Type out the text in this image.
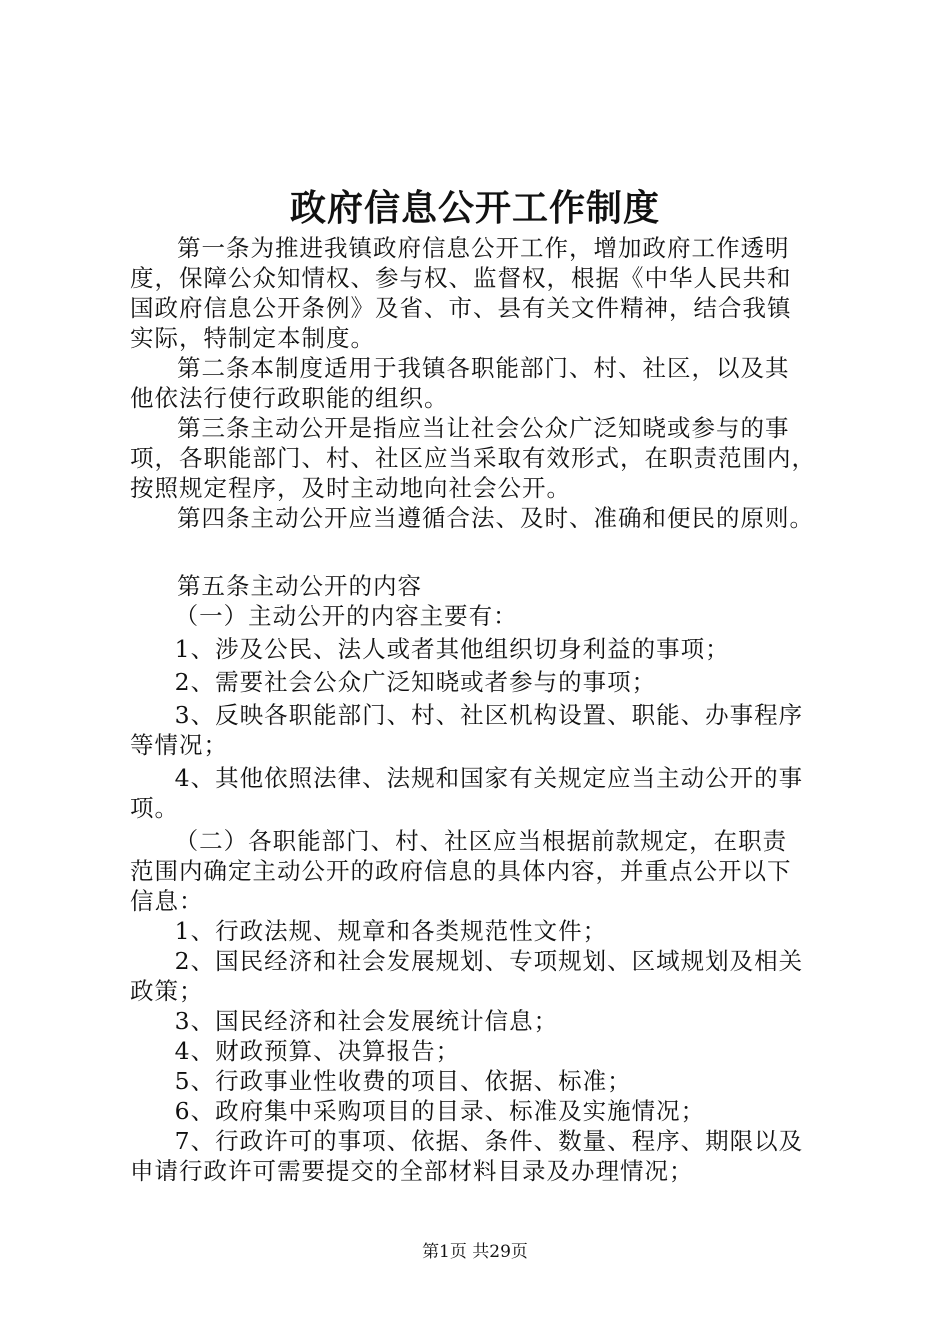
政府信息公开工作制度

第一条为推进我镇政府信息公开工作，增加政府工作透明

度，保障公众知情权、参与权、监督权，根据《中华人民共和

国政府信息公开条例》及省、市、县有关文件精神，结合我镇

实际，特制定本制度。

第二条本制度适用于我镇各职能部门、村、社区，以及其

他依法行使行政职能的组织。

第三条主动公开是指应当让社会公众广泛知晓或参与的事

项，各职能部门、村、社区应当采取有效形式，在职责范围内，

按照规定程序，及时主动地向社会公开。

第四条主动公开应当遵循合法、及时、准确和便民的原则。

第五条主动公开的内容

（一）主动公开的内容主要有：

1、涉及公民、法人或者其他组织切身利益的事项；

2、需要社会公众广泛知晓或者参与的事项；

3、反映各职能部门、村、社区机构设置、职能、办事程序

等情况；

4、其他依照法律、法规和国家有关规定应当主动公开的事

项。

（二）各职能部门、村、社区应当根据前款规定，在职责

范围内确定主动公开的政府信息的具体内容，并重点公开以下

信息：

1、行政法规、规章和各类规范性文件；

2、国民经济和社会发展规划、专项规划、区域规划及相关

政策；

3、国民经济和社会发展统计信息；

4、财政预算、决算报告；

5、行政事业性收费的项目、依据、标准；

6、政府集中采购项目的目录、标准及实施情况；

7、行政许可的事项、依据、条件、数量、程序、期限以及

申请行政许可需要提交的全部材料目录及办理情况；

第1页 共29页
